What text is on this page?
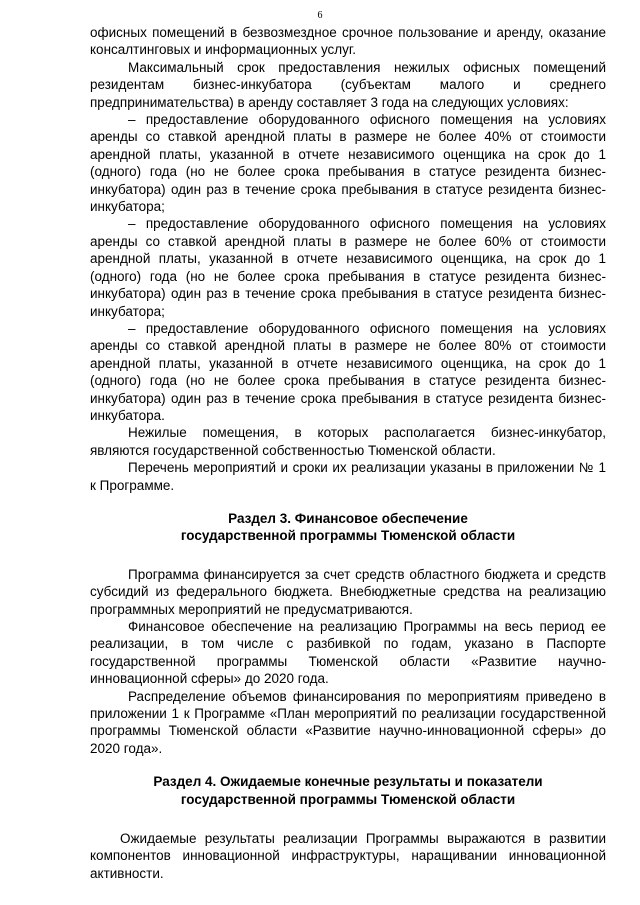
6

офисных помещений в безвозмездное срочное пользование и аренду, оказание консалтинговых и информационных услуг.

Максимальный срок предоставления нежилых офисных помещений резидентам бизнес-инкубатора (субъектам малого и среднего предпринимательства) в аренду составляет 3 года на следующих условиях:

– предоставление оборудованного офисного помещения на условиях аренды со ставкой арендной платы в размере не более 40% от стоимости арендной платы, указанной в отчете независимого оценщика на срок до 1 (одного) года (но не более срока пребывания в статусе резидента бизнес-инкубатора) один раз в течение срока пребывания в статусе резидента бизнес-инкубатора;

– предоставление оборудованного офисного помещения на условиях аренды со ставкой арендной платы в размере не более 60% от стоимости арендной платы, указанной в отчете независимого оценщика, на срок до 1 (одного) года (но не более срока пребывания в статусе резидента бизнес-инкубатора) один раз в течение срока пребывания в статусе резидента бизнес-инкубатора;

– предоставление оборудованного офисного помещения на условиях аренды со ставкой арендной платы в размере не более 80% от стоимости арендной платы, указанной в отчете независимого оценщика, на срок до 1 (одного) года (но не более срока пребывания в статусе резидента бизнес-инкубатора) один раз в течение срока пребывания в статусе резидента бизнес-инкубатора.

Нежилые помещения, в которых располагается бизнес-инкубатор, являются государственной собственностью Тюменской области.

Перечень мероприятий и сроки их реализации указаны в приложении № 1 к Программе.

Раздел 3. Финансовое обеспечение
государственной программы Тюменской области

Программа финансируется за счет средств областного бюджета и средств субсидий из федерального бюджета. Внебюджетные средства на реализацию программных мероприятий не предусматриваются.

Финансовое обеспечение на реализацию Программы на весь период ее реализации, в том числе с разбивкой по годам, указано в Паспорте государственной программы Тюменской области «Развитие научно-инновационной сферы» до 2020 года.

Распределение объемов финансирования по мероприятиям приведено в приложении 1 к Программе «План мероприятий по реализации государственной программы Тюменской области «Развитие научно-инновационной сферы» до 2020 года».

Раздел 4. Ожидаемые конечные результаты и показатели
государственной программы Тюменской области

Ожидаемые результаты реализации Программы выражаются в развитии компонентов инновационной инфраструктуры, наращивании инновационной активности.
